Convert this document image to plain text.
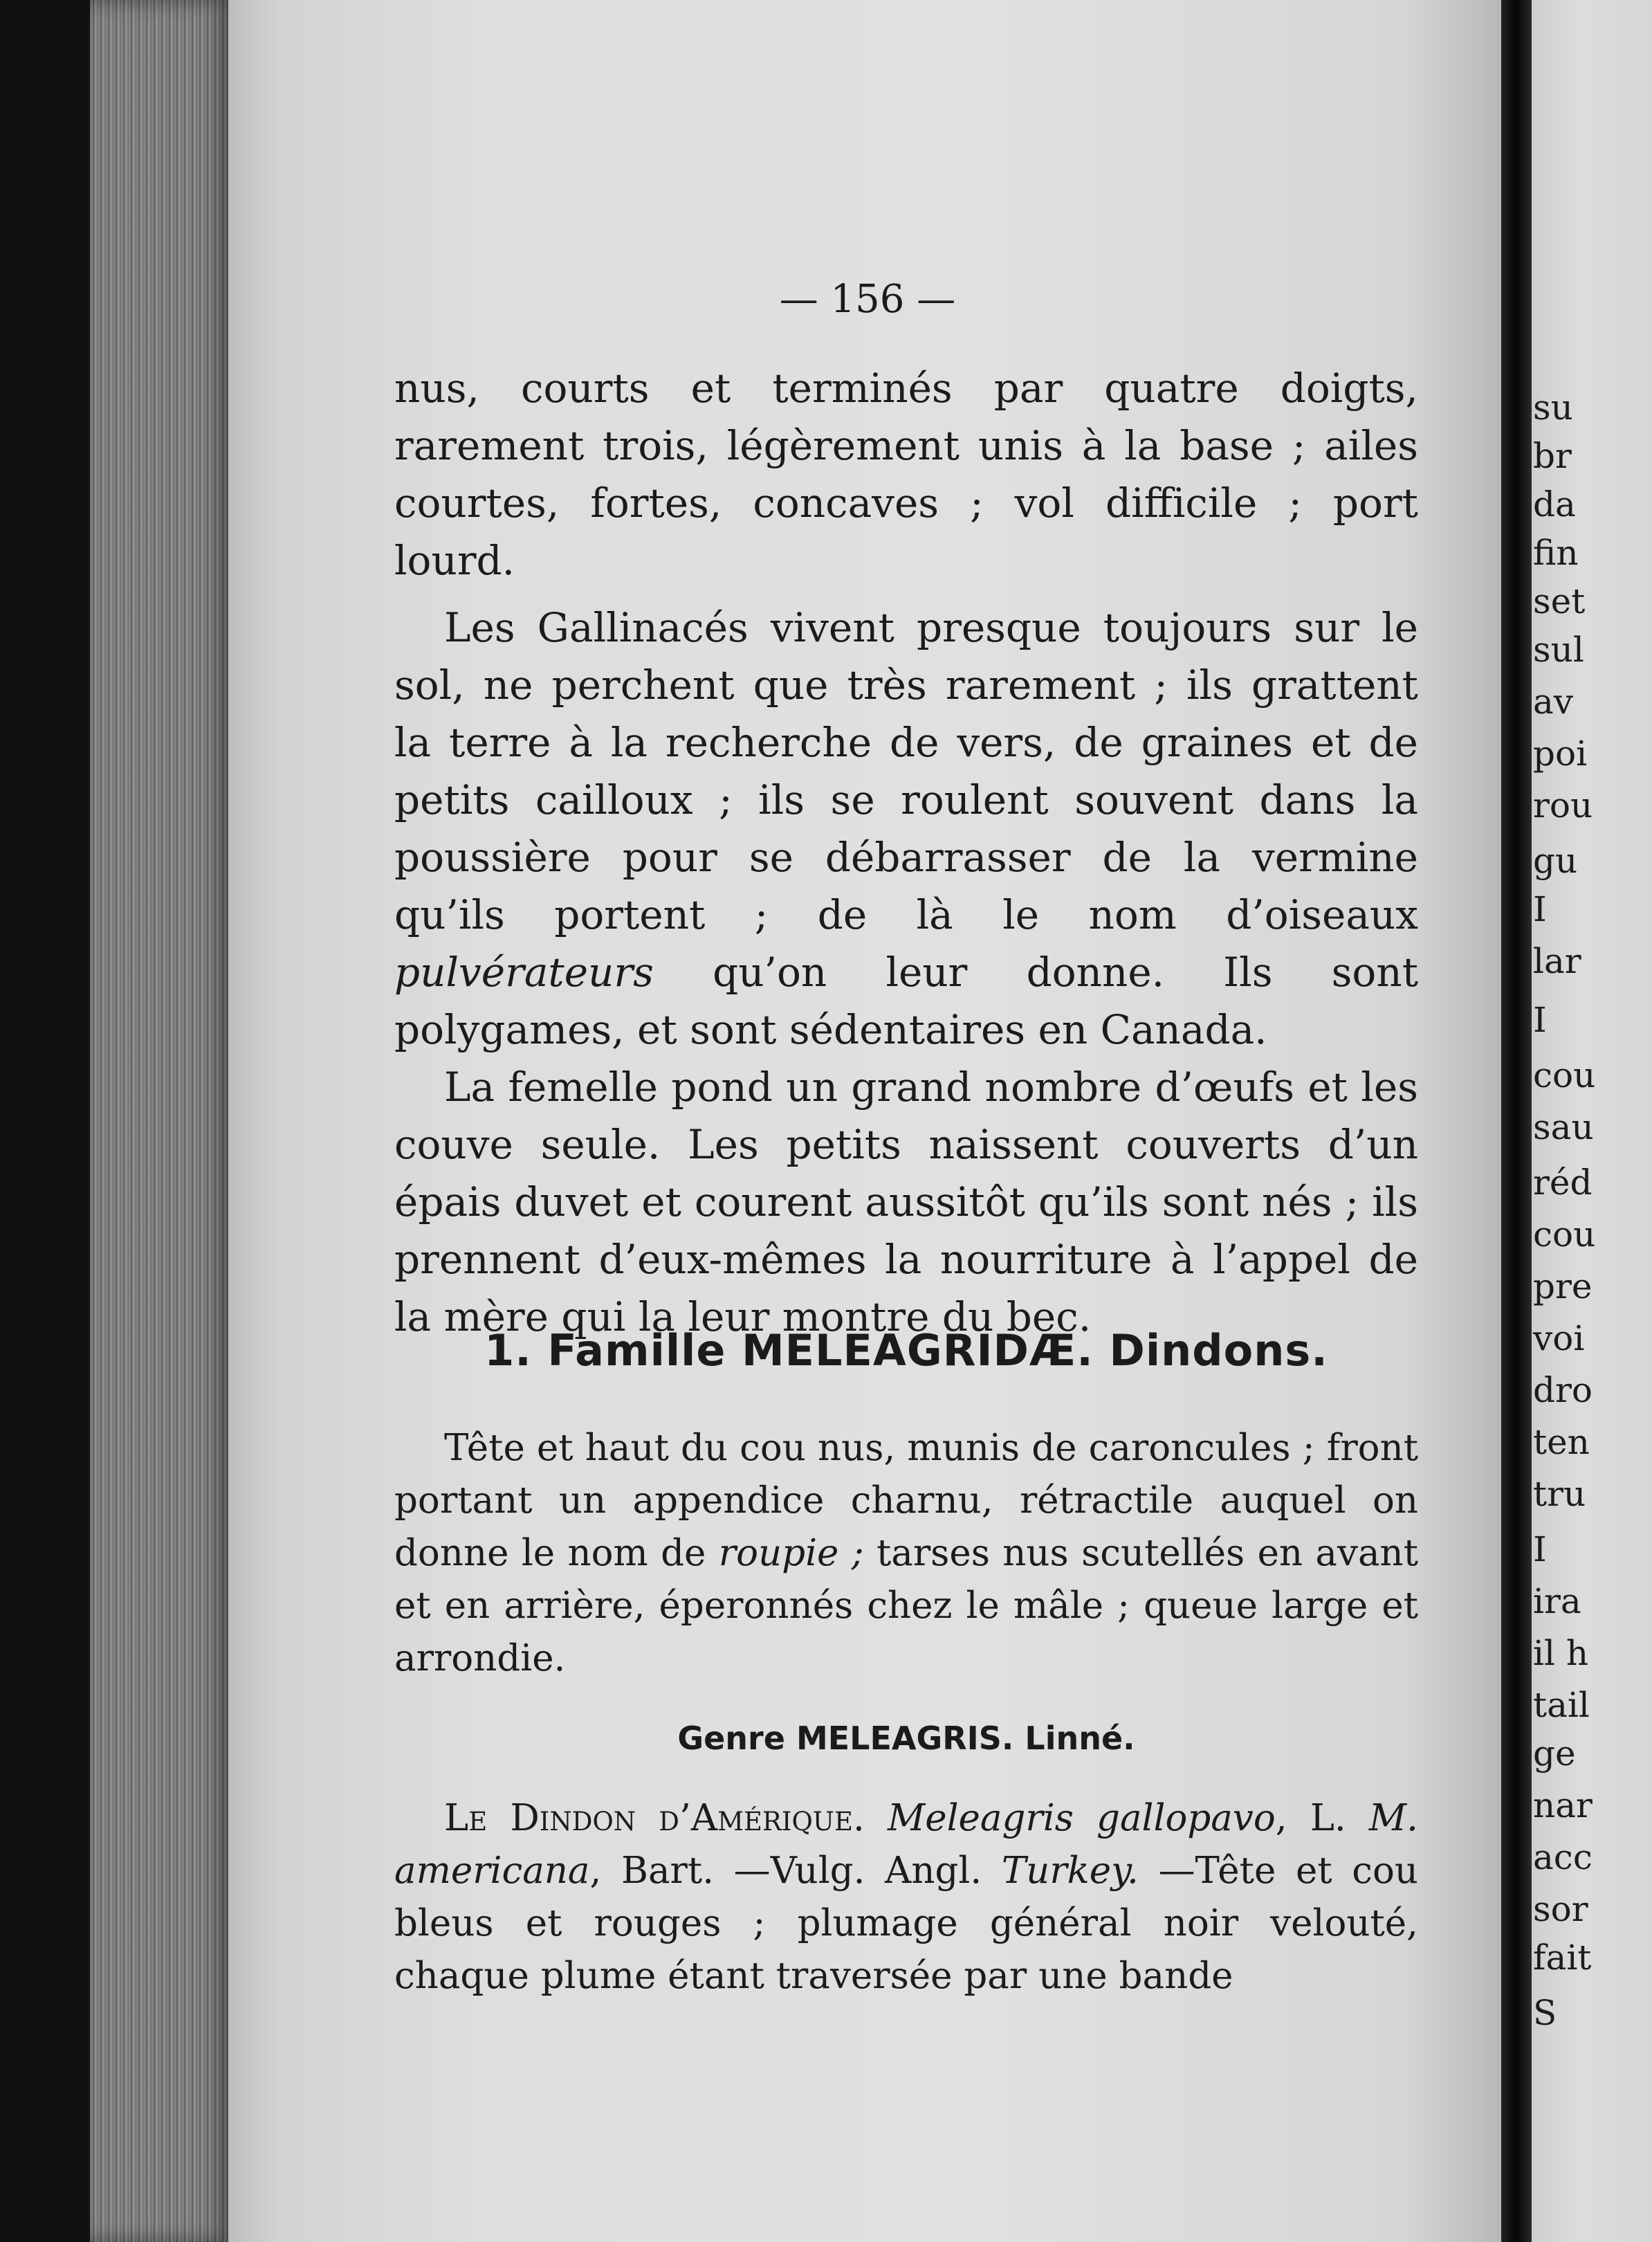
su

br

da

fin

set

sul

av

poi

rou

gu

I

lar

I

cou

sau

réd

cou

pre

voi

dro

ten

tru

I

ira

il h

tail

ge

nar

acc

sor

fait

S

— 156 —

nus, courts et terminés par quatre doigts, rarement trois, légèrement unis à la base ; ailes courtes, fortes, concaves ; vol difficile ; port lourd.

Les Gallinacés vivent presque toujours sur le sol, ne perchent que très rarement ; ils grattent la terre à la recherche de vers, de graines et de petits cailloux ; ils se roulent souvent dans la poussière pour se débarrasser de la vermine qu’ils portent ; de là le nom d’oiseaux pulvérateurs qu’on leur donne. Ils sont polygames, et sont sédentaires en Canada.

La femelle pond un grand nombre d’œufs et les couve seule. Les petits naissent couverts d’un épais duvet et courent aussitôt qu’ils sont nés ; ils prennent d’eux-mêmes la nourriture à l’appel de la mère qui la leur montre du bec.

1. Famille MELEAGRIDÆ. Dindons.

Tête et haut du cou nus, munis de caroncules ; front portant un appendice charnu, rétractile auquel on donne le nom de roupie ; tarses nus scutellés en avant et en arrière, éperonnés chez le mâle ; queue large et arrondie.

Genre MELEAGRIS. Linné.

Le Dindon d’Amérique. Meleagris gallopavo, L. M. americana, Bart. —Vulg. Angl. Turkey. —Tête et cou bleus et rouges ; plumage général noir velouté, chaque plume étant traversée par une bande
